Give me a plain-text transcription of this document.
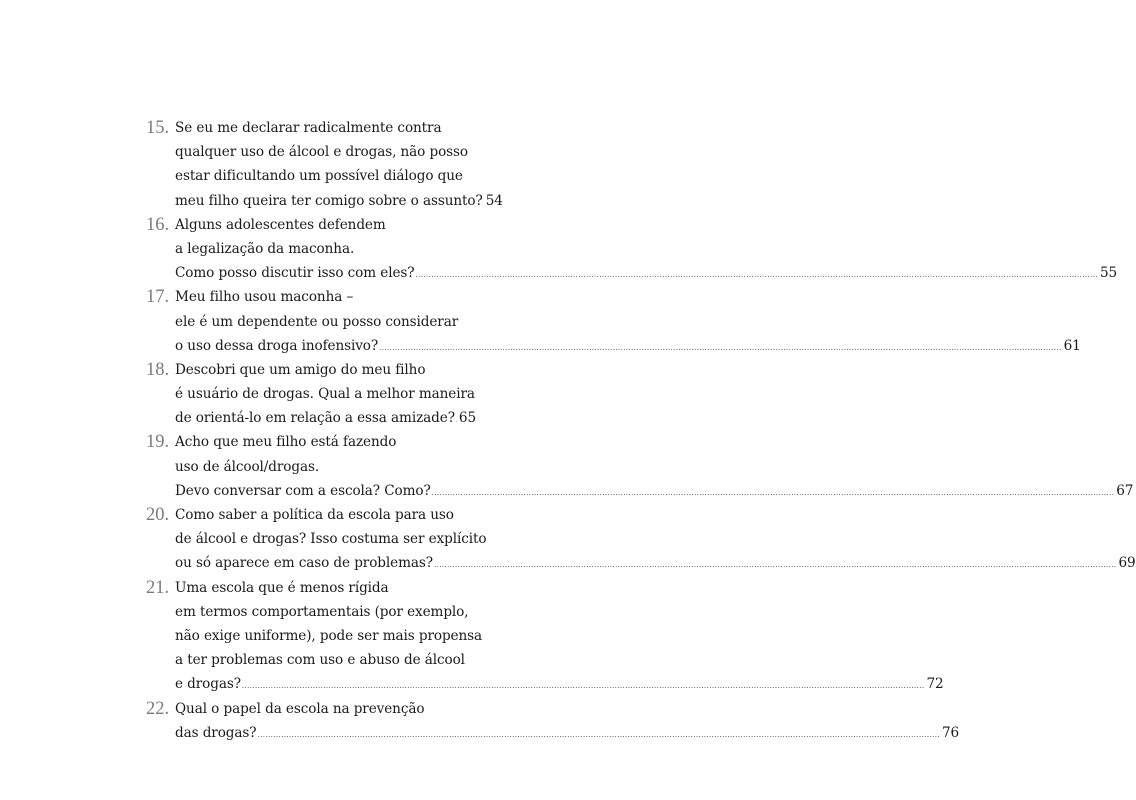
15. Se eu me declarar radicalmente contra
qualquer uso de álcool e drogas, não posso
estar dificultando um possível diálogo que
meu filho queira ter comigo sobre o assunto? 54
16. Alguns adolescentes defendem
a legalização da maconha.
Como posso discutir isso com eles? .................................................................................................................................................................................................................................................................... 55
17. Meu filho usou maconha –
ele é um dependente ou posso considerar
o uso dessa droga inofensivo? .................................................................................................................................................................................................................................................................... 61
18. Descobri que um amigo do meu filho
é usuário de drogas. Qual a melhor maneira
de orientá-lo em relação a essa amizade? 65
19. Acho que meu filho está fazendo
uso de álcool/drogas.
Devo conversar com a escola? Como? .................................................................................................................................................................................................................................................................... 67
20. Como saber a política da escola para uso
de álcool e drogas? Isso costuma ser explícito
ou só aparece em caso de problemas? .................................................................................................................................................................................................................................................................... 69
21. Uma escola que é menos rígida
em termos comportamentais (por exemplo,
não exige uniforme), pode ser mais propensa
a ter problemas com uso e abuso de álcool
e drogas? .................................................................................................................................................................................................................................................................... 72
22. Qual o papel da escola na prevenção
das drogas? .................................................................................................................................................................................................................................................................... 76
